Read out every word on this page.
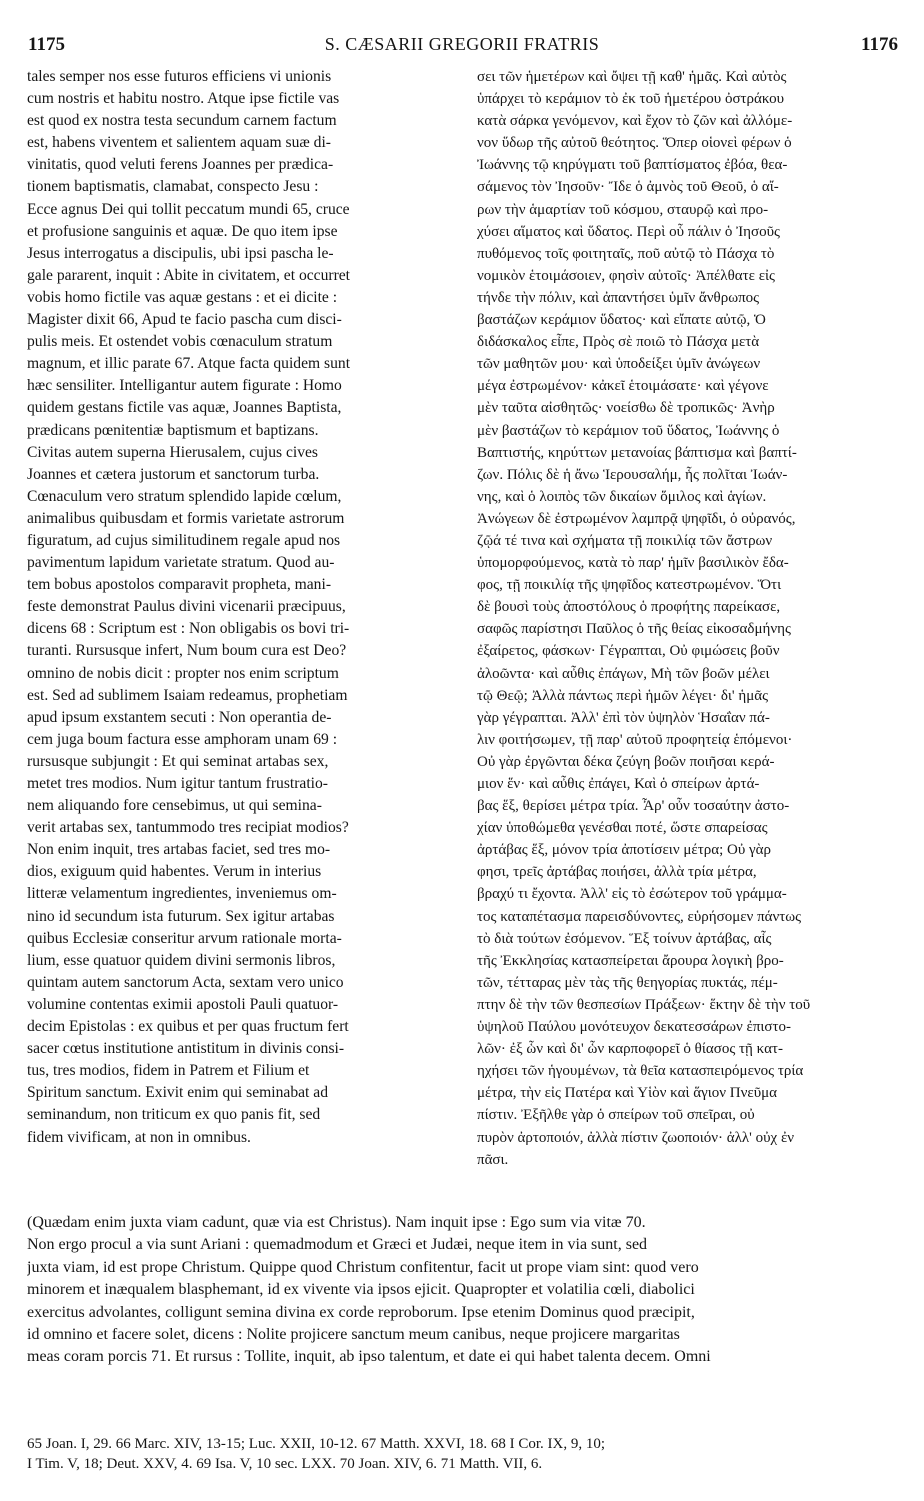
1175	S. CÆSARII GREGORII FRATRIS	1176
tales semper nos esse futuros efficiens vi unionis
cum nostris et habitu nostro. Atque ipse fictile vas
est quod ex nostra testa secundum carnem factum
est, habens viventem et salientem aquam suæ di-
vinitatis, quod veluti ferens Joannes per prædica-
tionem baptismatis, clamabat, conspecto Jesu :
Ecce agnus Dei qui tollit peccatum mundi 65, cruce
et profusione sanguinis et aquæ. De quo item ipse
Jesus interrogatus a discipulis, ubi ipsi pascha le-
gale pararent, inquit : Abite in civitatem, et occurret
vobis homo fictile vas aquæ gestans : et ei dicite :
Magister dixit 66, Apud te facio pascha cum disci-
pulis meis. Et ostendet vobis cœnaculum stratum
magnum, et illic parate 67. Atque facta quidem sunt
hæc sensiliter. Intelligantur autem figurate : Homo
quidem gestans fictile vas aquæ, Joannes Baptista,
prædicans pœnitentiæ baptismum et baptizans.
Civitas autem superna Hierusalem, cujus cives
Joannes et cætera justorum et sanctorum turba.
Cœnaculum vero stratum splendido lapide cœlum,
animalibus quibusdam et formis varietate astrorum
figuratum, ad cujus similitudinem regale apud nos
pavimentum lapidum varietate stratum. Quod au-
tem bobus apostolos comparavit propheta, mani-
feste demonstrat Paulus divini vicenarii præcipuus,
dicens 68 : Scriptum est : Non obligabis os bovi tri-
turanti. Rursusque infert, Num boum cura est Deo?
omnino de nobis dicit : propter nos enim scriptum
est. Sed ad sublimem Isaiam redeamus, prophetiam
apud ipsum exstantem secuti : Non operantia de-
cem juga boum factura esse amphoram unam 69 :
rursusque subjungit : Et qui seminat artabas sex,
metet tres modios. Num igitur tantum frustratio-
nem aliquando fore censebimus, ut qui semina-
verit artabas sex, tantummodo tres recipiat modios?
Non enim inquit, tres artabas faciet, sed tres mo-
dios, exiguum quid habentes. Verum in interius
litteræ velamentum ingredientes, inveniemus om-
nino id secundum ista futurum. Sex igitur artabas
quibus Ecclesiæ conseritur arvum rationale morta-
lium, esse quatuor quidem divini sermonis libros,
quintam autem sanctorum Acta, sextam vero unico
volumine contentas eximii apostoli Pauli quatuor-
decim Epistolas : ex quibus et per quas fructum fert
sacer cœtus institutione antistitum in divinis consi-
tus, tres modios, fidem in Patrem et Filium et
Spiritum sanctum. Exivit enim qui seminabat ad
seminandum, non triticum ex quo panis fit, sed
fidem vivificam, at non in omnibus.
σει τῶν ἡμετέρων καὶ ὄψει τῇ καθ' ἡμᾶς. Καὶ αὐτὸς
ὑπάρχει τὸ κεράμιον τὸ ἐκ τοῦ ἡμετέρου ὀστράκου
κατὰ σάρκα γενόμενον, καὶ ἔχον τὸ ζῶν καὶ ἀλλόμε-
νον ὕδωρ τῆς αὐτοῦ θεότητος. Ὅπερ οἱονεὶ φέρων ὁ
Ἰωάννης τῷ κηρύγματι τοῦ βαπτίσματος ἐβόα, θεα-
σάμενος τὸν Ἰησοῦν· Ἴδε ὁ ἀμνὸς τοῦ Θεοῦ, ὁ αἴ-
ρων τὴν ἁμαρτίαν τοῦ κόσμου, σταυρῷ καὶ προ-
χύσει αἵματος καὶ ὕδατος. Περὶ οὗ πάλιν ὁ Ἰησοῦς
πυθόμενος τοῖς φοιτηταῖς, ποῦ αὐτῷ τὸ Πάσχα τὸ
νομικὸν ἑτοιμάσοιεν, φησὶν αὐτοῖς· Ἀπέλθατε εἰς
τήνδε τὴν πόλιν, καὶ ἀπαντήσει ὑμῖν ἄνθρωπος
βαστάζων κεράμιον ὕδατος· καὶ εἴπατε αὐτῷ, Ὁ
διδάσκαλος εἶπε, Πρὸς σὲ ποιῶ τὸ Πάσχα μετὰ
τῶν μαθητῶν μου· καὶ ὑποδείξει ὑμῖν ἀνώγεων
μέγα ἐστρωμένον· κἀκεῖ ἑτοιμάσατε· καὶ γέγονε
μὲν ταῦτα αἰσθητῶς· νοείσθω δὲ τροπικῶς· Ἀνὴρ
μὲν βαστάζων τὸ κεράμιον τοῦ ὕδατος, Ἰωάννης ὁ
Βαπτιστής, κηρύττων μετανοίας βάπτισμα καὶ βαπτί-
ζων. Πόλις δὲ ἡ ἄνω Ἱερουσαλήμ, ἧς πολῖται Ἰωάν-
νης, καὶ ὁ λοιπὸς τῶν δικαίων ὅμιλος καὶ ἁγίων.
Ἀνώγεων δὲ ἐστρωμένον λαμπρᾷ ψηφῖδι, ὁ οὐρανός,
ζῷά τέ τινα καὶ σχήματα τῇ ποικιλίᾳ τῶν ἄστρων
ὑπομορφούμενος, κατὰ τὸ παρ' ἡμῖν βασιλικὸν ἔδα-
φος, τῇ ποικιλίᾳ τῆς ψηφῖδος κατεστρωμένον. Ὅτι
δὲ βουσὶ τοὺς ἀποστόλους ὁ προφήτης παρείκασε,
σαφῶς παρίστησι Παῦλος ὁ τῆς θείας εἰκοσαδμήνης
ἐξαίρετος, φάσκων· Γέγραπται, Οὐ φιμώσεις βοῦν
ἀλοῶντα· καὶ αὖθις ἐπάγων, Μὴ τῶν βοῶν μέλει
τῷ Θεῷ; Ἀλλὰ πάντως περὶ ἡμῶν λέγει· δι' ἡμᾶς
γὰρ γέγραπται. Ἀλλ' ἐπὶ τὸν ὑψηλὸν Ἡσαΐαν πά-
λιν φοιτήσωμεν, τῇ παρ' αὐτοῦ προφητείᾳ ἑπόμενοι·
Οὐ γὰρ ἐργῶνται δέκα ζεύγη βοῶν ποιῆσαι κερά-
μιον ἕν· καὶ αὖθις ἐπάγει, Καὶ ὁ σπείρων ἀρτά-
βας ἕξ, θερίσει μέτρα τρία. Ἆρ' οὖν τοσαύτην ἀστο-
χίαν ὑποθώμεθα γενέσθαι ποτέ, ὥστε σπαρείσας
ἀρτάβας ἕξ, μόνον τρία ἀποτίσειν μέτρα; Οὐ γὰρ
φησι, τρεῖς ἀρτάβας ποιήσει, ἀλλὰ τρία μέτρα,
βραχύ τι ἔχοντα. Ἀλλ' εἰς τὸ ἐσώτερον τοῦ γράμμα-
τος καταπέτασμα παρεισδύνοντες, εὑρήσομεν πάντως
τὸ διὰ τούτων ἐσόμενον. Ἕξ τοίνυν ἀρτάβας, αἷς
τῆς Ἐκκλησίας κατασπείρεται ἄρουρα λογικὴ βρο-
τῶν, τέτταρας μὲν τὰς τῆς θεηγορίας πυκτάς, πέμ-
πτην δὲ τὴν τῶν θεσπεσίων Πράξεων· ἕκτην δὲ τὴν τοῦ
ὑψηλοῦ Παύλου μονότευχον δεκατεσσάρων ἐπιστο-
λῶν· ἐξ ὧν καὶ δι' ὧν καρποφορεῖ ὁ θίασος τῇ κατ-
ηχήσει τῶν ἡγουμένων, τὰ θεῖα κατασπειρόμενος τρία
μέτρα, τὴν εἰς Πατέρα καὶ Υἱὸν καὶ ἅγιον Πνεῦμα
πίστιν. Ἐξῆλθε γὰρ ὁ σπείρων τοῦ σπεῖραι, οὐ
πυρὸν ἀρτοποιόν, ἀλλὰ πίστιν ζωοποιόν· ἀλλ' οὐχ ἐν
πᾶσι.
(Quædam enim juxta viam cadunt, quæ via est Christus). Nam inquit ipse : Ego sum via vitæ 70.
Non ergo procul a via sunt Ariani : quemadmodum et Græci et Judæi, neque item in via sunt, sed
juxta viam, id est prope Christum. Quippe quod Christum confitentur, facit ut prope viam sint: quod vero
minorem et inæqualem blasphemant, id ex vivente via ipsos ejicit. Quapropter et volatilia cœli, diabolici
exercitus advolantes, colligunt semina divina ex corde reproborum. Ipse etenim Dominus quod præcipit,
id omnino et facere solet, dicens : Nolite projicere sanctum meum canibus, neque projicere margaritas
meas coram porcis 71. Et rursus : Tollite, inquit, ab ipso talentum, et date ei qui habet talenta decem. Omni
65 Joan. I, 29. 66 Marc. XIV, 13-15; Luc. XXII, 10-12. 67 Matth. XXVI, 18. 68 I Cor. IX, 9, 10;
I Tim. V, 18; Deut. XXV, 4. 69 Isa. V, 10 sec. LXX. 70 Joan. XIV, 6. 71 Matth. VII, 6.
